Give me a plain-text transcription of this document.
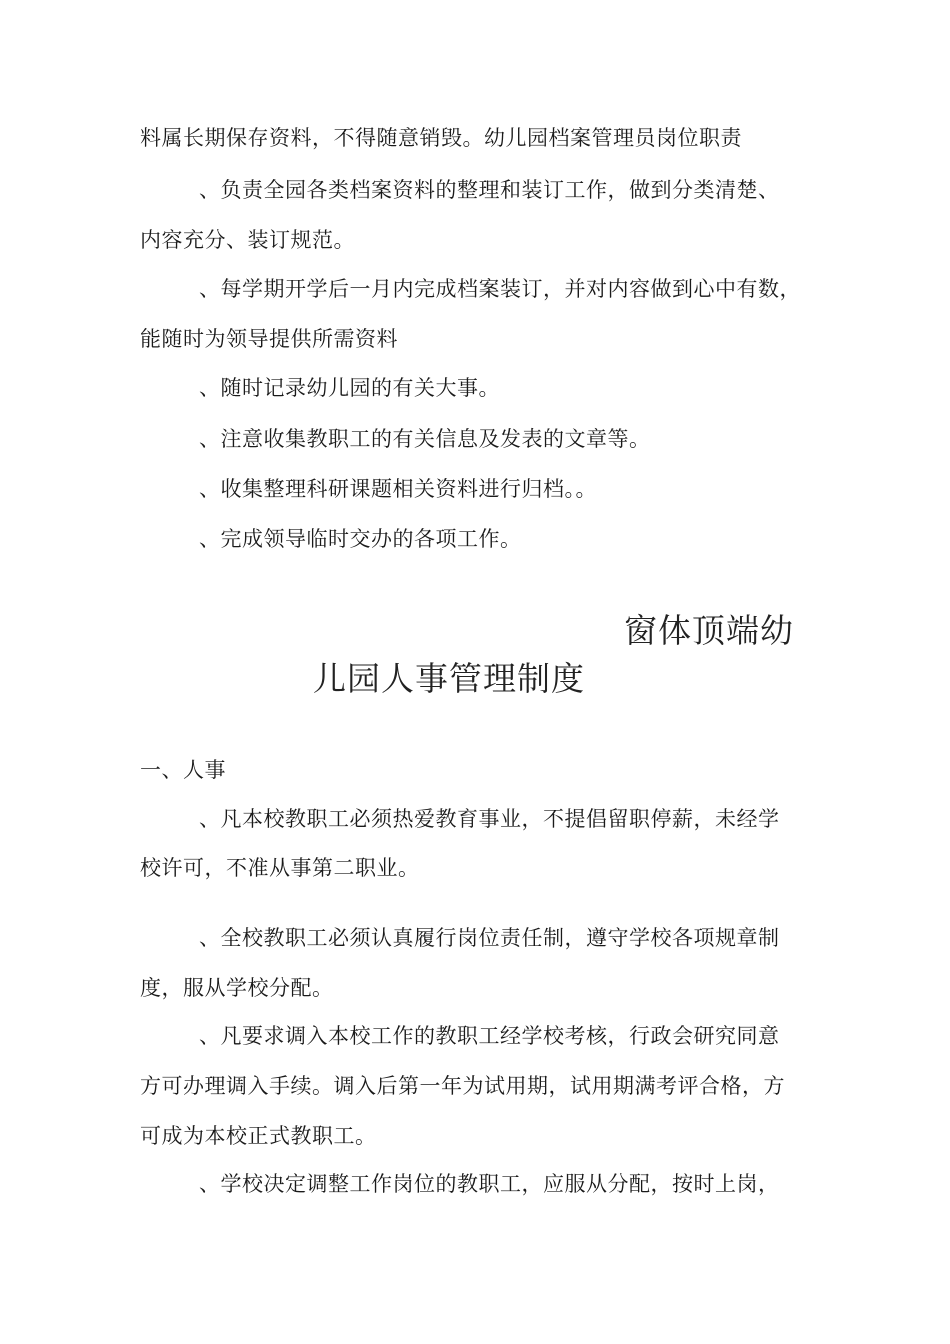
料属长期保存资料，不得随意销毁。幼儿园档案管理员岗位职责
、负责全园各类档案资料的整理和装订工作，做到分类清楚、
内容充分、装订规范。
、每学期开学后一月内完成档案装订，并对内容做到心中有数，
能随时为领导提供所需资料
、随时记录幼儿园的有关大事。
、注意收集教职工的有关信息及发表的文章等。
、收集整理科研课题相关资料进行归档。。
、完成领导临时交办的各项工作。
窗体顶端幼
儿园人事管理制度
一、人事
、凡本校教职工必须热爱教育事业，不提倡留职停薪，未经学
校许可，不准从事第二职业。
、全校教职工必须认真履行岗位责任制，遵守学校各项规章制
度，服从学校分配。
、凡要求调入本校工作的教职工经学校考核，行政会研究同意
方可办理调入手续。调入后第一年为试用期，试用期满考评合格，方
可成为本校正式教职工。
、学校决定调整工作岗位的教职工，应服从分配，按时上岗，
